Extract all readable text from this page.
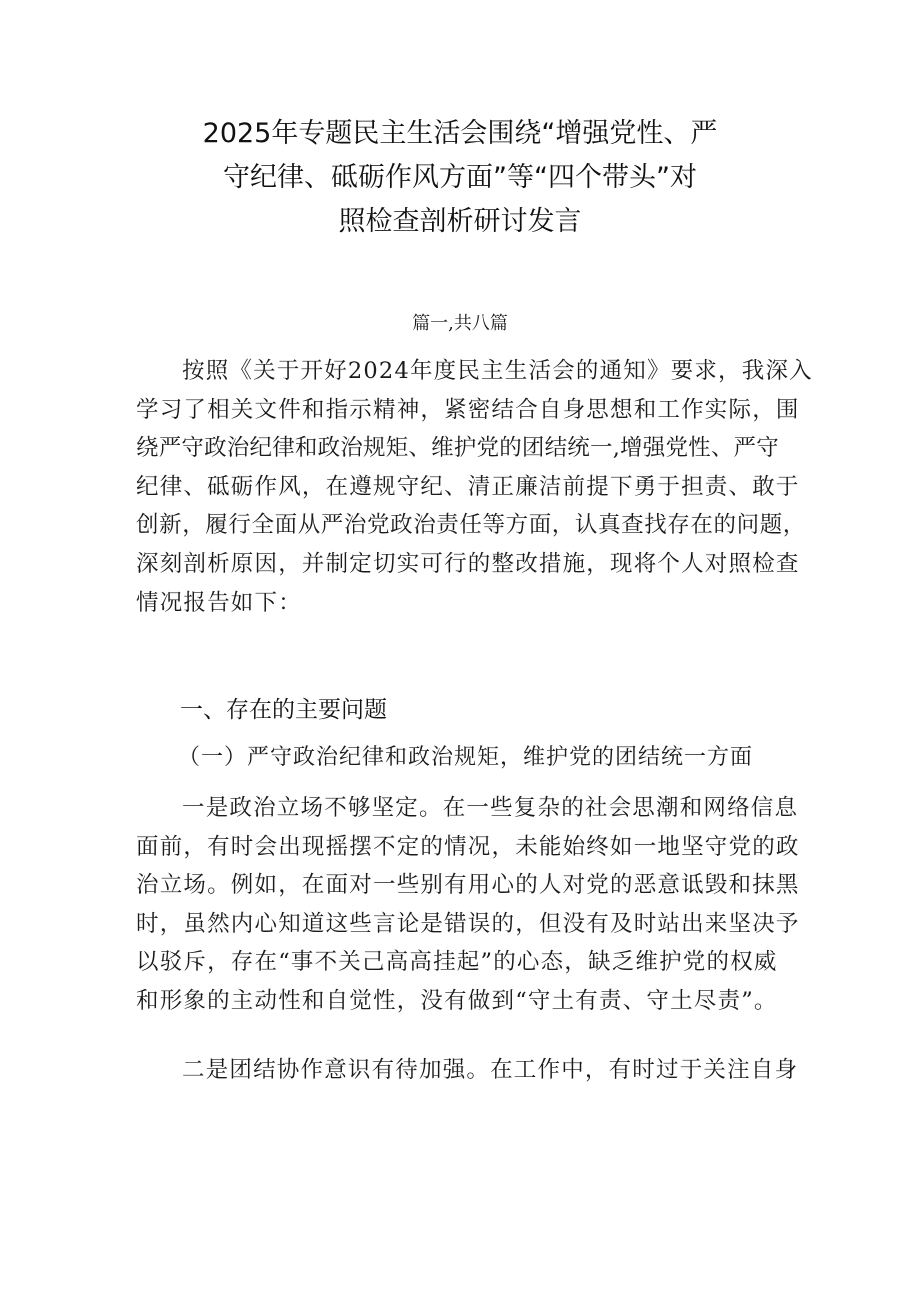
2025年专题民主生活会围绕“增强党性、严
守纪律、砥砺作风方面”等“四个带头”对
照检查剖析研讨发言
篇一,共八篇
按照《关于开好2024年度民主生活会的通知》要求，我深入
学习了相关文件和指示精神，紧密结合自身思想和工作实际，围
绕严守政治纪律和政治规矩、维护党的团结统一,增强党性、严守
纪律、砥砺作风，在遵规守纪、清正廉洁前提下勇于担责、敢于
创新，履行全面从严治党政治责任等方面，认真查找存在的问题，
深刻剖析原因，并制定切实可行的整改措施，现将个人对照检查
情况报告如下：
一、存在的主要问题
（一）严守政治纪律和政治规矩，维护党的团结统一方面
一是政治立场不够坚定。在一些复杂的社会思潮和网络信息
面前，有时会出现摇摆不定的情况，未能始终如一地坚守党的政
治立场。例如，在面对一些别有用心的人对党的恶意诋毁和抹黑
时，虽然内心知道这些言论是错误的，但没有及时站出来坚决予
以驳斥，存在“事不关己高高挂起”的心态，缺乏维护党的权威
和形象的主动性和自觉性，没有做到“守土有责、守土尽责”。
二是团结协作意识有待加强。在工作中，有时过于关注自身
